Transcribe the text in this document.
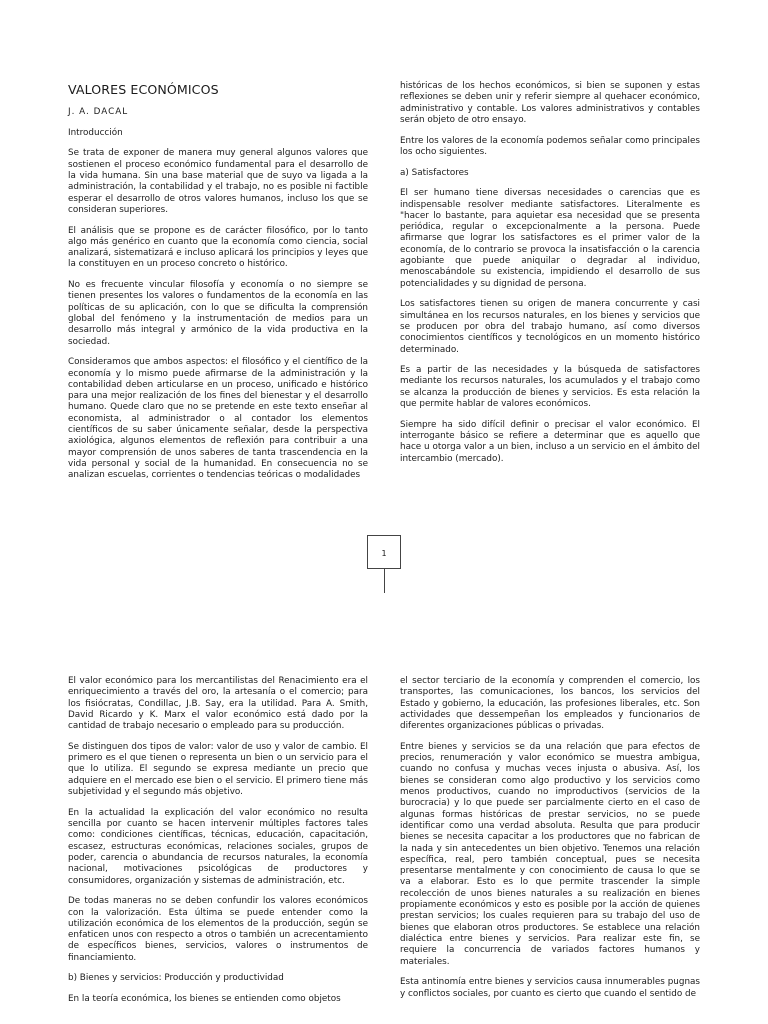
VALORES ECONÓMICOS

J. A. DACAL

Introducción

Se trata de exponer de manera muy general algunos valores que sostienen el proceso económico fundamental para el desarrollo de la vida humana. Sin una base material que de suyo va ligada a la administración, la contabilidad y el trabajo, no es posible ni factible esperar el desarrollo de otros valores humanos, incluso los que se consideran superiores.

El análisis que se propone es de carácter filosófico, por lo tanto algo más genérico en cuanto que la economía como ciencia, social analizará, sistematizará e incluso aplicará los principios y leyes que la constituyen en un proceso concreto o histórico.

No es frecuente vincular filosofía y economía o no siempre se tienen presentes los valores o fundamentos de la economía en las políticas de su aplicación, con lo que se dificulta la comprensión global del fenómeno y la instrumentación de medios para un desarrollo más integral y armónico de la vida productiva en la sociedad.

Consideramos que ambos aspectos: el filosófico y el científico de la economía y lo mismo puede afirmarse de la administración y la contabilidad deben articularse en un proceso, unificado e histórico para una mejor realización de los fines del bienestar y el desarrollo humano. Quede claro que no se pretende en este texto enseñar al economista, al administrador o al contador los elementos científicos de su saber únicamente señalar, desde la perspectiva axiológica, algunos elementos de reflexión para contribuir a una mayor comprensión de unos saberes de tanta trascendencia en la vida personal y social de la humanidad. En consecuencia no se analizan escuelas, corrientes o tendencias teóricas o modalidades

históricas de los hechos económicos, si bien se suponen y estas reflexiones se deben unir y referir siempre al quehacer económico, administrativo y contable. Los valores administrativos y contables serán objeto de otro ensayo.

Entre los valores de la economía podemos señalar como principales los ocho siguientes.

a) Satisfactores

El ser humano tiene diversas necesidades o carencias que es indispensable resolver mediante satisfactores. Literalmente es "hacer lo bastante, para aquietar esa necesidad que se presenta periódica, regular o excepcionalmente a la persona. Puede afirmarse que lograr los satisfactores es el primer valor de la economía, de lo contrario se provoca la insatisfacción o la carencia agobiante que puede aniquilar o degradar al individuo, menoscabándole su existencia, impidiendo el desarrollo de sus potencialidades y su dignidad de persona.

Los satisfactores tienen su origen de manera concurrente y casi simultánea en los recursos naturales, en los bienes y servicios que se producen por obra del trabajo humano, así como diversos conocimientos científicos y tecnológicos en un momento histórico determinado.

Es a partir de las necesidades y la búsqueda de satisfactores mediante los recursos naturales, los acumulados y el trabajo como se alcanza la producción de bienes y servicios. Es esta relación la que permite hablar de valores económicos.

Siempre ha sido difícil definir o precisar el valor económico. El interrogante básico se refiere a determinar que es aquello que hace u otorga valor a un bien, incluso a un servicio en el ámbito del intercambio (mercado).

1

El valor económico para los mercantilistas del Renacimiento era el enriquecimiento a través del oro, la artesanía o el comercio; para los fisiócratas, Condillac, J.B. Say, era la utilidad. Para A. Smith, David Ricardo y K. Marx el valor económico está dado por la cantidad de trabajo necesario o empleado para su producción.

Se distinguen dos tipos de valor: valor de uso y valor de cambio. El primero es el que tienen o representa un bien o un servicio para el que lo utiliza. El segundo se expresa mediante un precio que adquiere en el mercado ese bien o el servicio. El primero tiene más subjetividad y el segundo más objetivo.

En la actualidad la explicación del valor económico no resulta sencilla por cuanto se hacen intervenir múltiples factores tales como: condiciones científicas, técnicas, educación, capacitación, escasez, estructuras económicas, relaciones sociales, grupos de poder, carencia o abundancia de recursos naturales, la economía nacional, motivaciones psicológicas de productores y consumidores, organización y sistemas de administración, etc.

De todas maneras no se deben confundir los valores económicos con la valorización. Esta última se puede entender como la utilización económica de los elementos de la producción, según se enfaticen unos con respecto a otros o también un acrecentamiento de específicos bienes, servicios, valores o instrumentos de financiamiento.

b) Bienes y servicios: Producción y productividad

En la teoría económica, los bienes se entienden como objetos

el sector terciario de la economía y comprenden el comercio, los transportes, las comunicaciones, los bancos, los servicios del Estado y gobierno, la educación, las profesiones liberales, etc. Son actividades que dessempeñan los empleados y funcionarios de diferentes organizaciones públicas o privadas.

Entre bienes y servicios se da una relación que para efectos de precios, renumeración y valor económico se muestra ambigua, cuando no confusa y muchas veces injusta o abusiva. Así, los bienes se consideran como algo productivo y los servicios como menos productivos, cuando no improductivos (servicios de la burocracia) y lo que puede ser parcialmente cierto en el caso de algunas formas históricas de prestar servicios, no se puede identificar como una verdad absoluta. Resulta que para producir bienes se necesita capacitar a los productores que no fabrican de la nada y sin antecedentes un bien objetivo. Tenemos una relación específica, real, pero también conceptual, pues se necesita presentarse mentalmente y con conocimiento de causa lo que se va a elaborar. Esto es lo que permite trascender la simple recolección de unos bienes naturales a su realización en bienes propiamente económicos y esto es posible por la acción de quienes prestan servicios; los cuales requieren para su trabajo del uso de bienes que elaboran otros productores. Se establece una relación dialéctica entre bienes y servicios. Para realizar este fin, se requiere la concurrencia de variados factores humanos y materiales.

Esta antinomía entre bienes y servicios causa innumerables pugnas y conflictos sociales, por cuanto es cierto que cuando el sentido de
